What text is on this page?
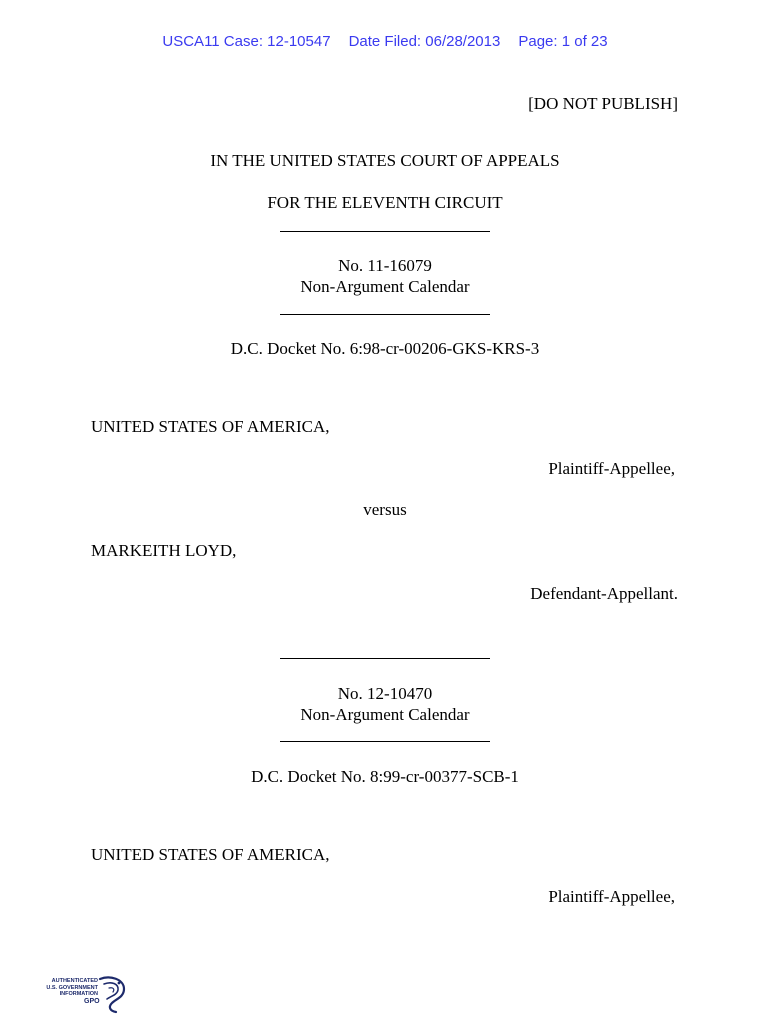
USCA11 Case: 12-10547 Date Filed: 06/28/2013 Page: 1 of 23
[DO NOT PUBLISH]
IN THE UNITED STATES COURT OF APPEALS
FOR THE ELEVENTH CIRCUIT
No. 11-16079
Non-Argument Calendar
D.C. Docket No. 6:98-cr-00206-GKS-KRS-3
UNITED STATES OF AMERICA,
Plaintiff-Appellee,
versus
MARKEITH LOYD,
Defendant-Appellant.
No. 12-10470
Non-Argument Calendar
D.C. Docket No. 8:99-cr-00377-SCB-1
UNITED STATES OF AMERICA,
Plaintiff-Appellee,
AUTHENTICATED
U.S. GOVERNMENT
INFORMATION
GPO
